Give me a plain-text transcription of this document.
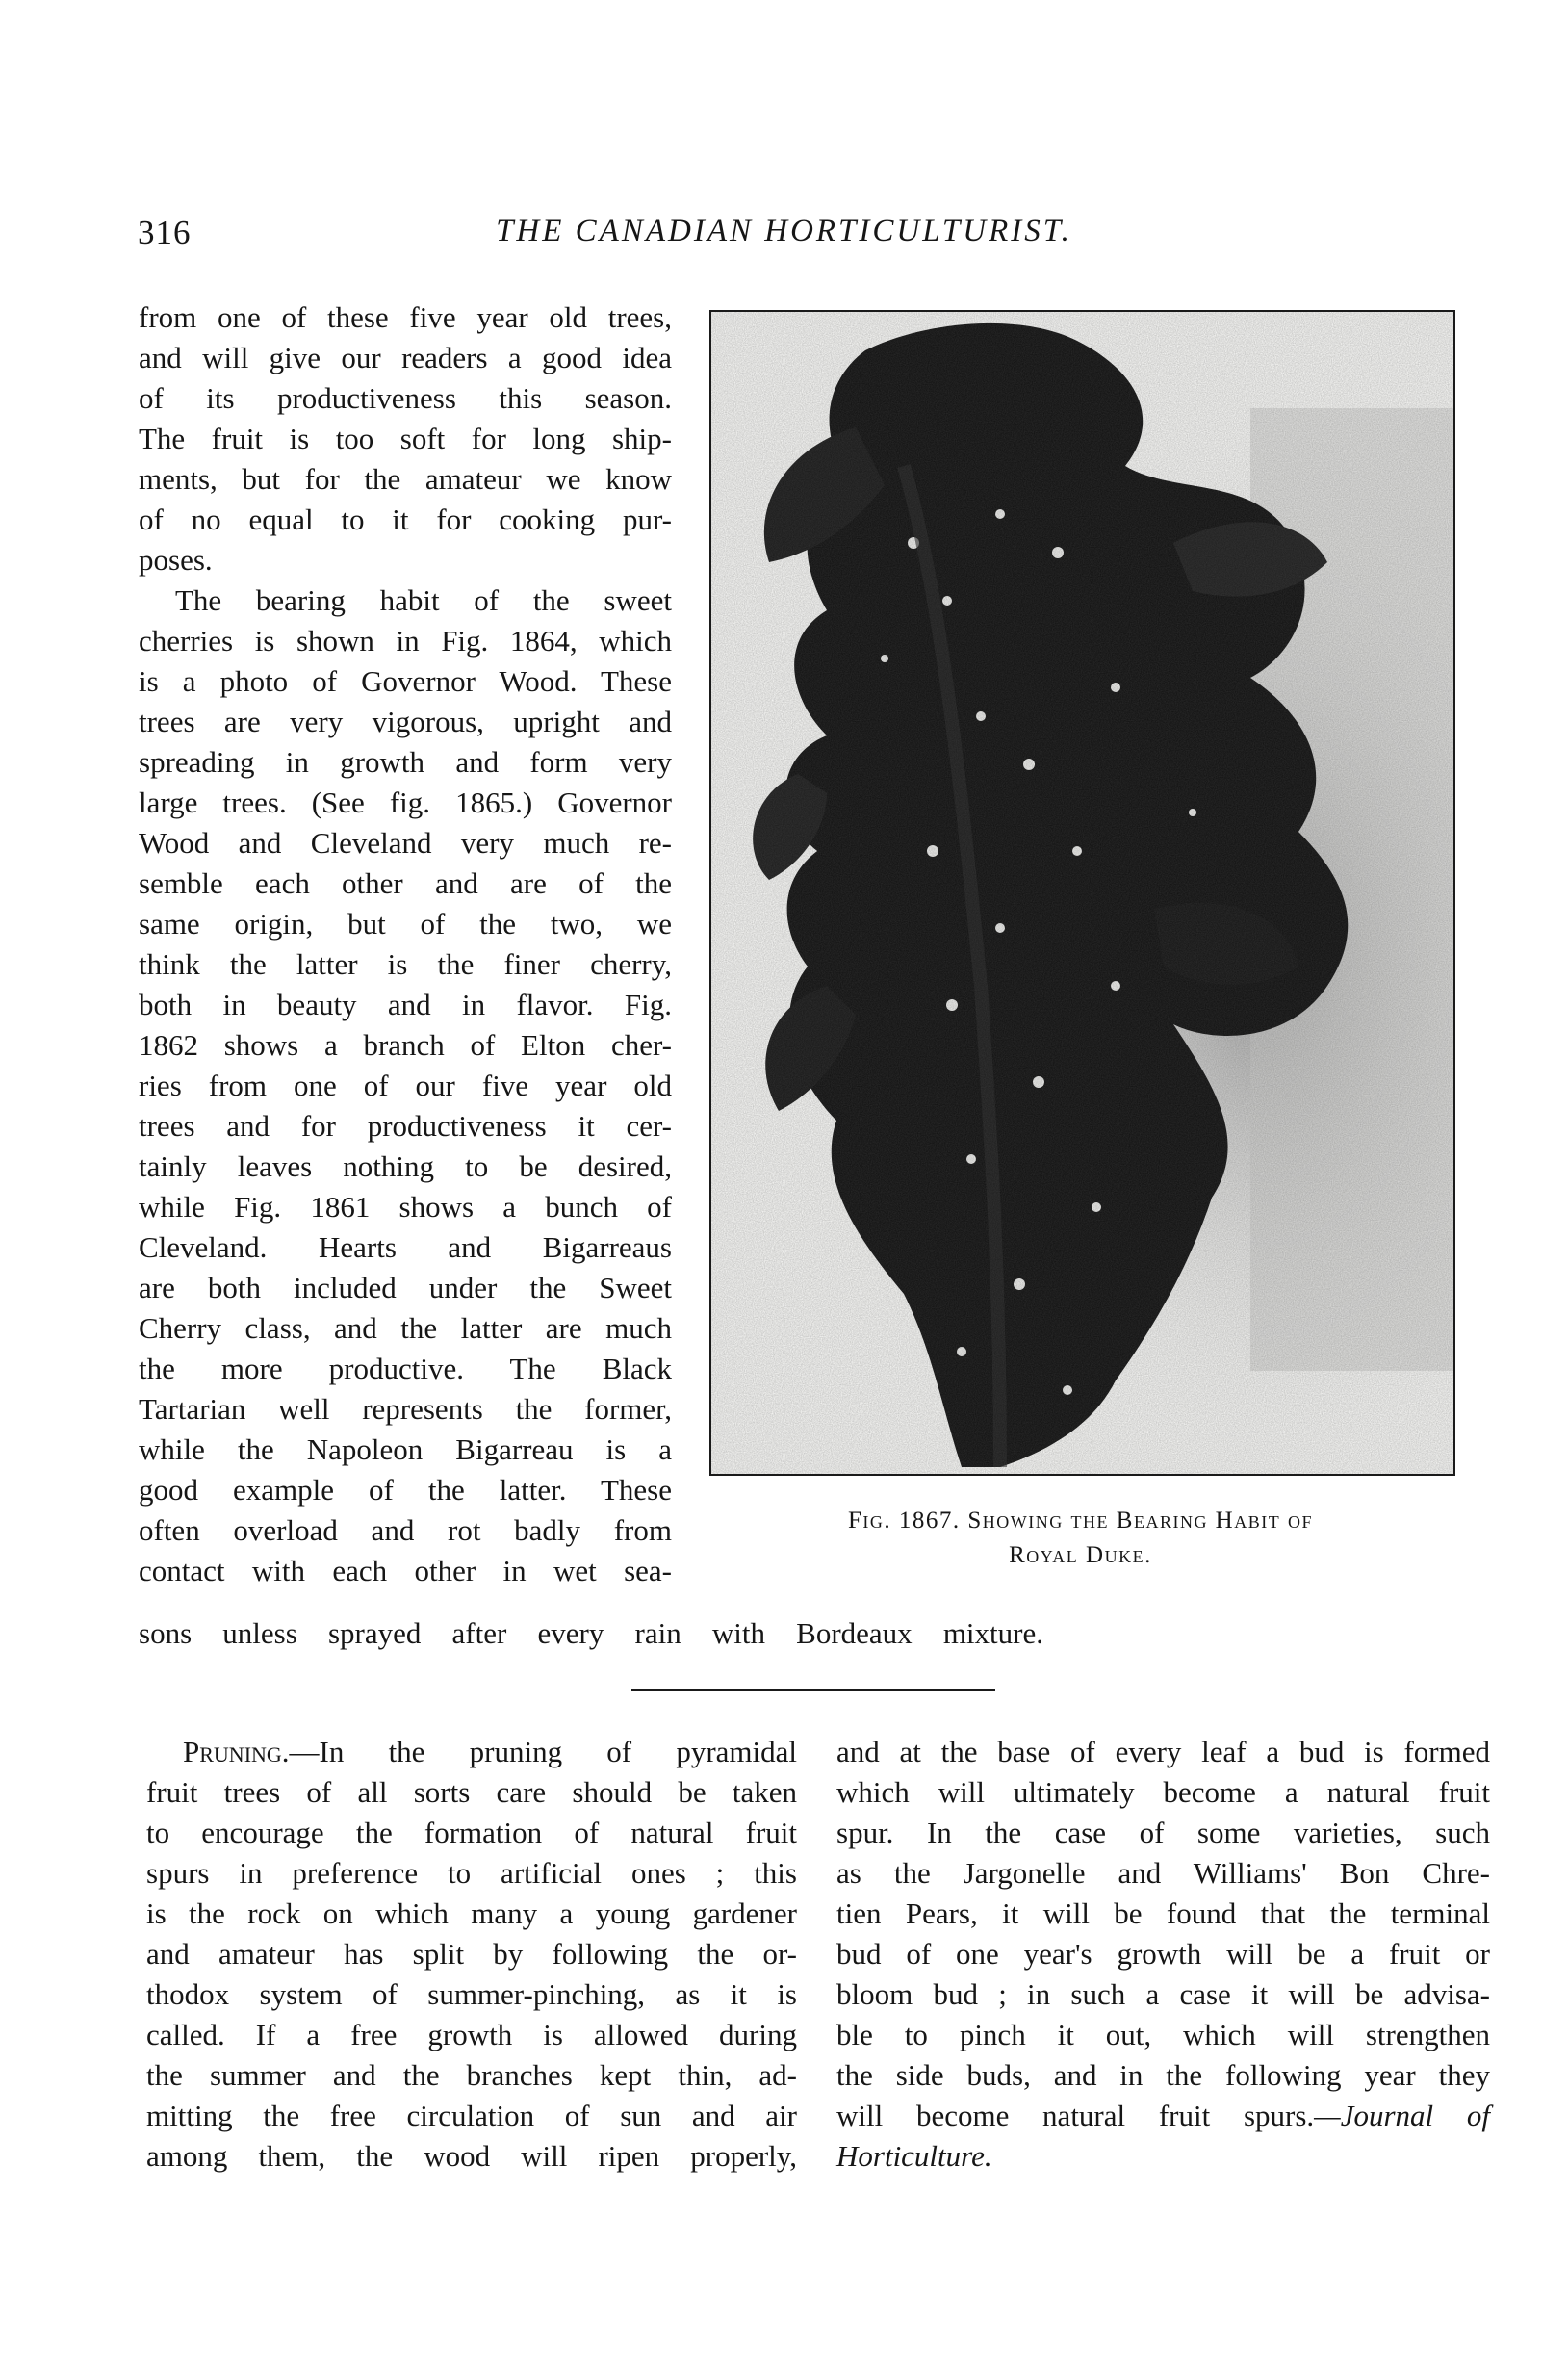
316	THE CANADIAN HORTICULTURIST.
from one of these five year old trees,
and will give our readers a good idea
of its productiveness this season.
The fruit is too soft for long ship-
ments, but for the amateur we know
of no equal to it for cooking pur-
poses.
The bearing habit of the sweet
cherries is shown in Fig. 1864, which
is a photo of Governor Wood. These
trees are very vigorous, upright and
spreading in growth and form very
large trees. (See fig. 1865.) Governor
Wood and Cleveland very much re-
semble each other and are of the
same origin, but of the two, we
think the latter is the finer cherry,
both in beauty and in flavor. Fig.
1862 shows a branch of Elton cher-
ries from one of our five year old
trees and for productiveness it cer-
tainly leaves nothing to be desired,
while Fig. 1861 shows a bunch of
Cleveland. Hearts and Bigarreaus
are both included under the Sweet
Cherry class, and the latter are much
the more productive. The Black
Tartarian well represents the former,
while the Napoleon Bigarreau is a
good example of the latter. These
often overload and rot badly from
contact with each other in wet sea-
sons unless sprayed after every rain with Bordeaux mixture.
Fig. 1867. Showing the Bearing Habit of
Royal Duke.
Pruning.—In the pruning of pyramidal
fruit trees of all sorts care should be taken
to encourage the formation of natural fruit
spurs in preference to artificial ones ; this
is the rock on which many a young gardener
and amateur has split by following the or-
thodox system of summer-pinching, as it is
called. If a free growth is allowed during
the summer and the branches kept thin, ad-
mitting the free circulation of sun and air
among them, the wood will ripen properly,
and at the base of every leaf a bud is formed
which will ultimately become a natural fruit
spur. In the case of some varieties, such
as the Jargonelle and Williams' Bon Chre-
tien Pears, it will be found that the terminal
bud of one year's growth will be a fruit or
bloom bud ; in such a case it will be advisa-
ble to pinch it out, which will strengthen
the side buds, and in the following year they
will become natural fruit spurs.—Journal of
Horticulture.
